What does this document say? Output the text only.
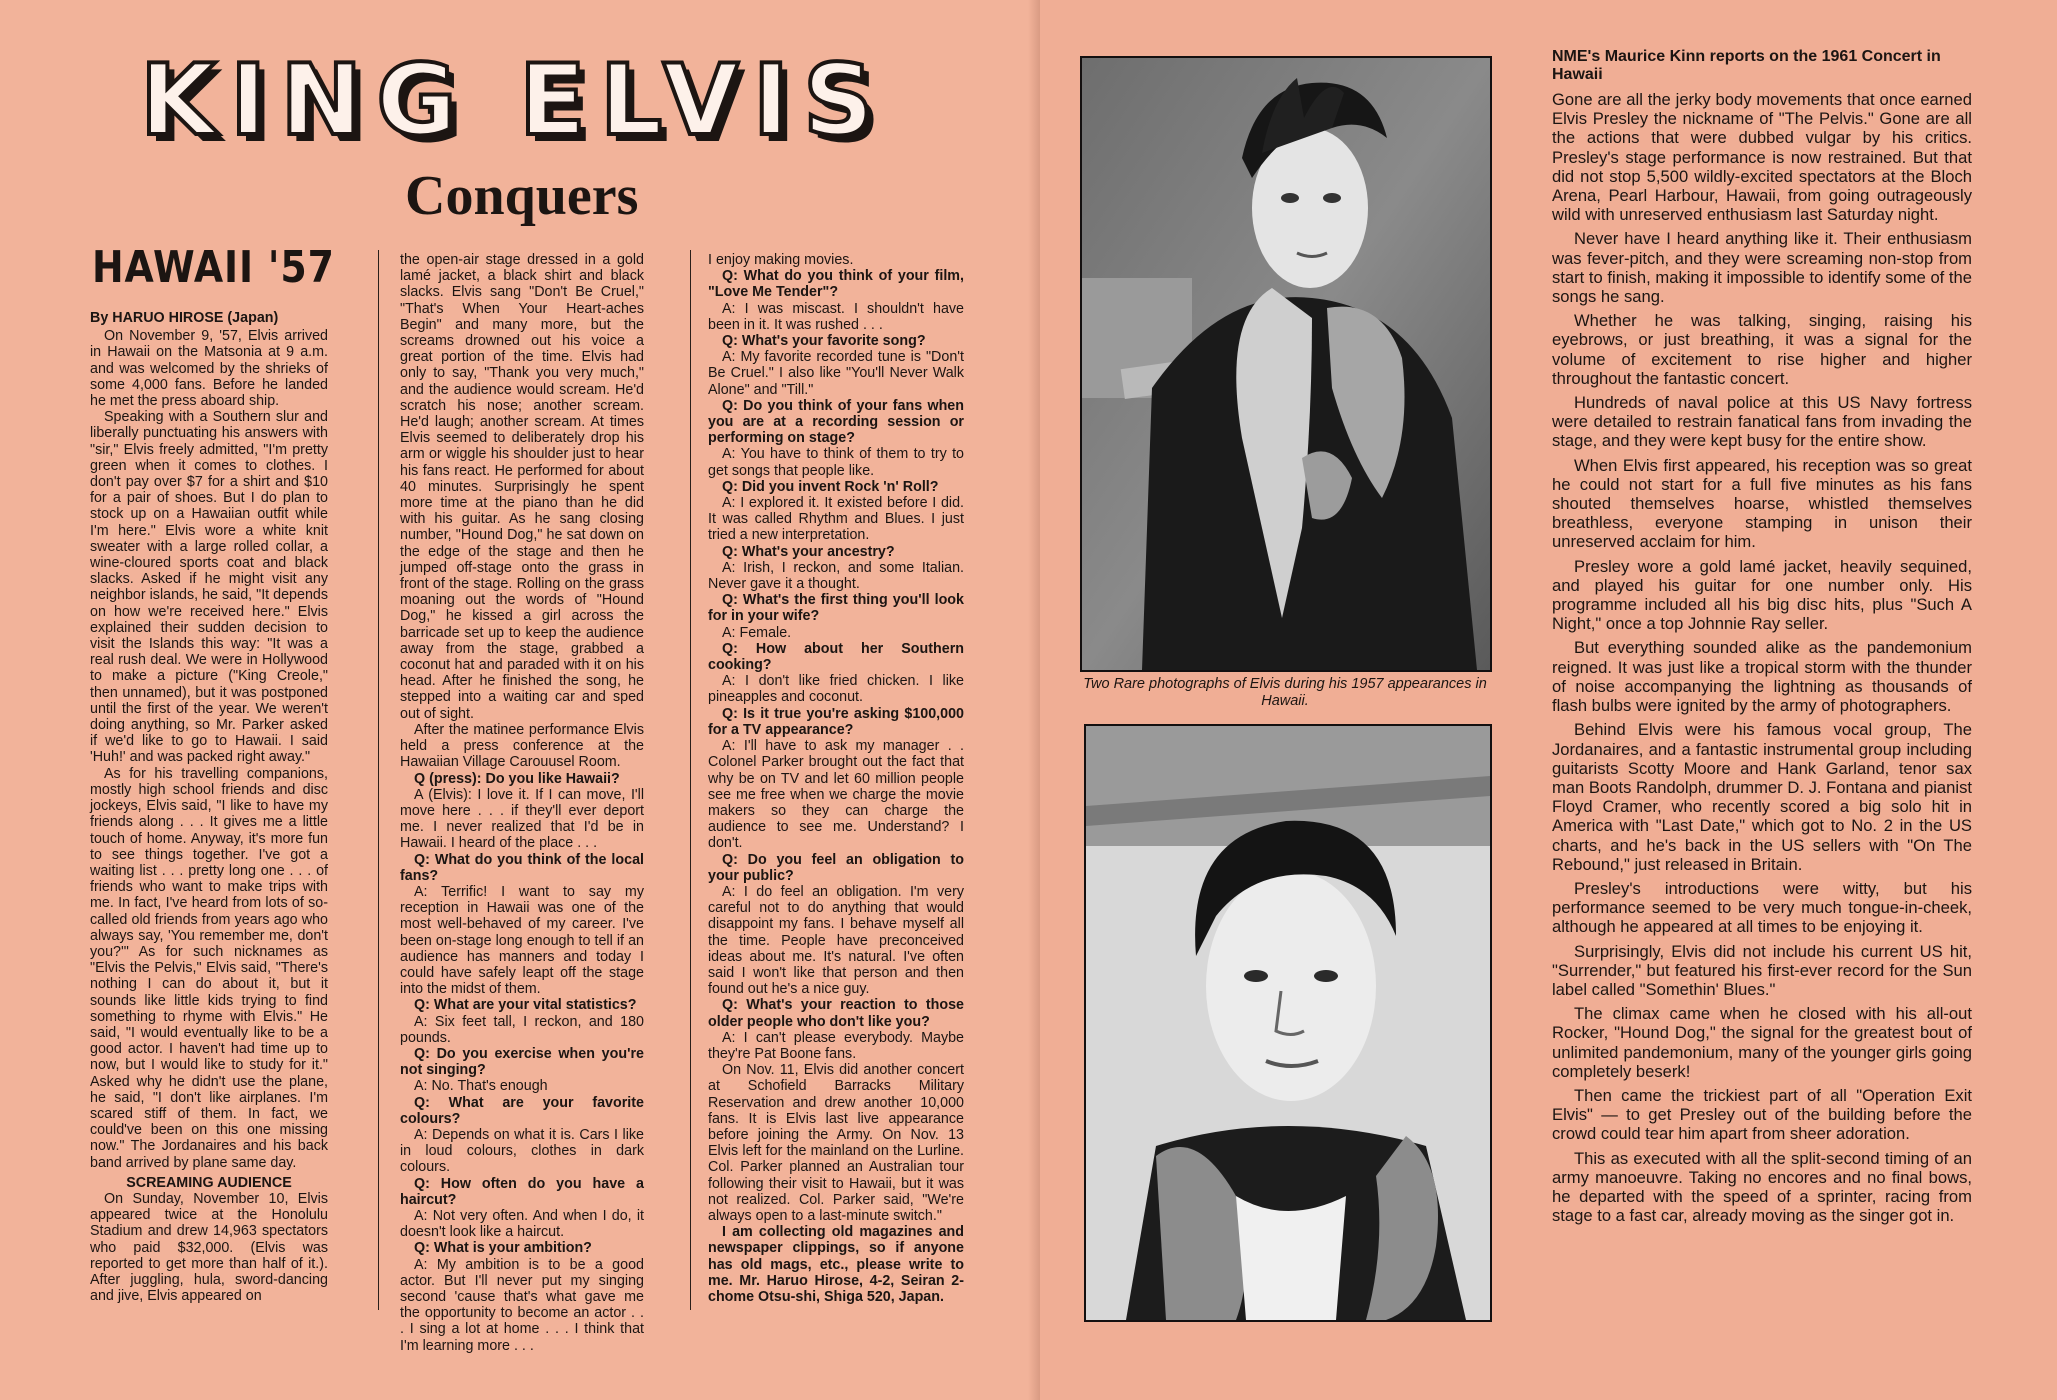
KING ELVIS
Conquers
HAWAII '57

By HARUO HIROSE (Japan)

On November 9, '57, Elvis arrived in Hawaii on the Matsonia at 9 a.m. and was welcomed by the shrieks of some 4,000 fans. Before he landed he met the press aboard ship.

Speaking with a Southern slur and liberally punctuating his answers with "sir," Elvis freely admitted, "I'm pretty green when it comes to clothes. I don't pay over $7 for a shirt and $10 for a pair of shoes. But I do plan to stock up on a Hawaiian outfit while I'm here." Elvis wore a white knit sweater with a large rolled collar, a wine-cloured sports coat and black slacks. Asked if he might visit any neighbor islands, he said, "It depends on how we're received here." Elvis explained their sudden decision to visit the Islands this way: "It was a real rush deal. We were in Hollywood to make a picture ("King Creole," then unnamed), but it was postponed until the first of the year. We weren't doing anything, so Mr. Parker asked if we'd like to go to Hawaii. I said 'Huh!' and was packed right away."

As for his travelling companions, mostly high school friends and disc jockeys, Elvis said, "I like to have my friends along . . . It gives me a little touch of home. Anyway, it's more fun to see things together. I've got a waiting list . . . pretty long one . . . of friends who want to make trips with me. In fact, I've heard from lots of so-called old friends from years ago who always say, 'You remember me, don't you?'" As for such nicknames as "Elvis the Pelvis," Elvis said, "There's nothing I can do about it, but it sounds like little kids trying to find something to rhyme with Elvis." He said, "I would eventually like to be a good actor. I haven't had time up to now, but I would like to study for it." Asked why he didn't use the plane, he said, "I don't like airplanes. I'm scared stiff of them. In fact, we could've been on this one missing now." The Jordanaires and his back band arrived by plane same day.

SCREAMING AUDIENCE

On Sunday, November 10, Elvis appeared twice at the Honolulu Stadium and drew 14,963 spectators who paid $32,000. (Elvis was reported to get more than half of it.). After juggling, hula, sword-dancing and jive, Elvis appeared on

the open-air stage dressed in a gold lamé jacket, a black shirt and black slacks. Elvis sang "Don't Be Cruel," "That's When Your Heart-aches Begin" and many more, but the screams drowned out his voice a great portion of the time. Elvis had only to say, "Thank you very much," and the audience would scream. He'd scratch his nose; another scream. He'd laugh; another scream. At times Elvis seemed to deliberately drop his arm or wiggle his shoulder just to hear his fans react. He performed for about 40 minutes. Surprisingly he spent more time at the piano than he did with his guitar. As he sang closing number, "Hound Dog," he sat down on the edge of the stage and then he jumped off-stage onto the grass in front of the stage. Rolling on the grass moaning out the words of "Hound Dog," he kissed a girl across the barricade set up to keep the audience away from the stage, grabbed a coconut hat and paraded with it on his head. After he finished the song, he stepped into a waiting car and sped out of sight.

After the matinee performance Elvis held a press conference at the Hawaiian Village Carouusel Room.

Q (press): Do you like Hawaii?

A (Elvis): I love it. If I can move, I'll move here . . . if they'll ever deport me. I never realized that I'd be in Hawaii. I heard of the place . . .

Q: What do you think of the local fans?

A: Terrific! I want to say my reception in Hawaii was one of the most well-behaved of my career. I've been on-stage long enough to tell if an audience has manners and today I could have safely leapt off the stage into the midst of them.

Q: What are your vital statistics?

A: Six feet tall, I reckon, and 180 pounds.

Q: Do you exercise when you're not singing?

A: No. That's enough

Q: What are your favorite colours?

A: Depends on what it is. Cars I like in loud colours, clothes in dark colours.

Q: How often do you have a haircut?

A: Not very often. And when I do, it doesn't look like a haircut.

Q: What is your ambition?

A: My ambition is to be a good actor. But I'll never put my singing second 'cause that's what gave me the opportunity to become an actor . . . I sing a lot at home . . . I think that I'm learning more . . .

I enjoy making movies.

Q: What do you think of your film, "Love Me Tender"?

A: I was miscast. I shouldn't have been in it. It was rushed . . .

Q: What's your favorite song?

A: My favorite recorded tune is "Don't Be Cruel." I also like "You'll Never Walk Alone" and "Till."

Q: Do you think of your fans when you are at a recording session or performing on stage?

A: You have to think of them to try to get songs that people like.

Q: Did you invent Rock 'n' Roll?

A: I explored it. It existed before I did. It was called Rhythm and Blues. I just tried a new interpretation.

Q: What's your ancestry?

A: Irish, I reckon, and some Italian. Never gave it a thought.

Q: What's the first thing you'll look for in your wife?

A: Female.

Q: How about her Southern cooking?

A: I don't like fried chicken. I like pineapples and coconut.

Q: Is it true you're asking $100,000 for a TV appearance?

A: I'll have to ask my manager . . Colonel Parker brought out the fact that why be on TV and let 60 million people see me free when we charge the movie makers so they can charge the audience to see me. Understand? I don't.

Q: Do you feel an obligation to your public?

A: I do feel an obligation. I'm very careful not to do anything that would disappoint my fans. I behave myself all the time. People have preconceived ideas about me. It's natural. I've often said I won't like that person and then found out he's a nice guy.

Q: What's your reaction to those older people who don't like you?

A: I can't please everybody. Maybe they're Pat Boone fans.

On Nov. 11, Elvis did another concert at Schofield Barracks Military Reservation and drew another 10,000 fans. It is Elvis last live appearance before joining the Army. On Nov. 13 Elvis left for the mainland on the Lurline. Col. Parker planned an Australian tour following their visit to Hawaii, but it was not realized. Col. Parker said, "We're always open to a last-minute switch."

I am collecting old magazines and newspaper clippings, so if anyone has old mags, etc., please write to me. Mr. Haruo Hirose, 4-2, Seiran 2-chome Otsu-shi, Shiga 520, Japan.

Two Rare photographs of Elvis during his 1957 appearances in Hawaii.
NME's Maurice Kinn reports on the 1961 Concert in Hawaii

Gone are all the jerky body movements that once earned Elvis Presley the nickname of "The Pelvis." Gone are all the actions that were dubbed vulgar by his critics. Presley's stage performance is now restrained. But that did not stop 5,500 wildly-excited spectators at the Bloch Arena, Pearl Harbour, Hawaii, from going outrageously wild with unreserved enthusiasm last Saturday night.

Never have I heard anything like it. Their enthusiasm was fever-pitch, and they were screaming non-stop from start to finish, making it impossible to identify some of the songs he sang.

Whether he was talking, singing, raising his eyebrows, or just breathing, it was a signal for the volume of excitement to rise higher and higher throughout the fantastic concert.

Hundreds of naval police at this US Navy fortress were detailed to restrain fanatical fans from invading the stage, and they were kept busy for the entire show.

When Elvis first appeared, his reception was so great he could not start for a full five minutes as his fans shouted themselves hoarse, whistled themselves breathless, everyone stamping in unison their unreserved acclaim for him.

Presley wore a gold lamé jacket, heavily sequined, and played his guitar for one number only. His programme included all his big disc hits, plus "Such A Night," once a top Johnnie Ray seller.

But everything sounded alike as the pandemonium reigned. It was just like a tropical storm with the thunder of noise accompanying the lightning as thousands of flash bulbs were ignited by the army of photographers.

Behind Elvis were his famous vocal group, The Jordanaires, and a fantastic instrumental group including guitarists Scotty Moore and Hank Garland, tenor sax man Boots Randolph, drummer D. J. Fontana and pianist Floyd Cramer, who recently scored a big solo hit in America with "Last Date," which got to No. 2 in the US charts, and he's back in the US sellers with "On The Rebound," just released in Britain.

Presley's introductions were witty, but his performance seemed to be very much tongue-in-cheek, although he appeared at all times to be enjoying it.

Surprisingly, Elvis did not include his current US hit, "Surrender," but featured his first-ever record for the Sun label called "Somethin' Blues."

The climax came when he closed with his all-out Rocker, "Hound Dog," the signal for the greatest bout of unlimited pandemonium, many of the younger girls going completely beserk!

Then came the trickiest part of all "Operation Exit Elvis" — to get Presley out of the building before the crowd could tear him apart from sheer adoration.

This as executed with all the split-second timing of an army manoeuvre. Taking no encores and no final bows, he departed with the speed of a sprinter, racing from stage to a fast car, already moving as the singer got in.
